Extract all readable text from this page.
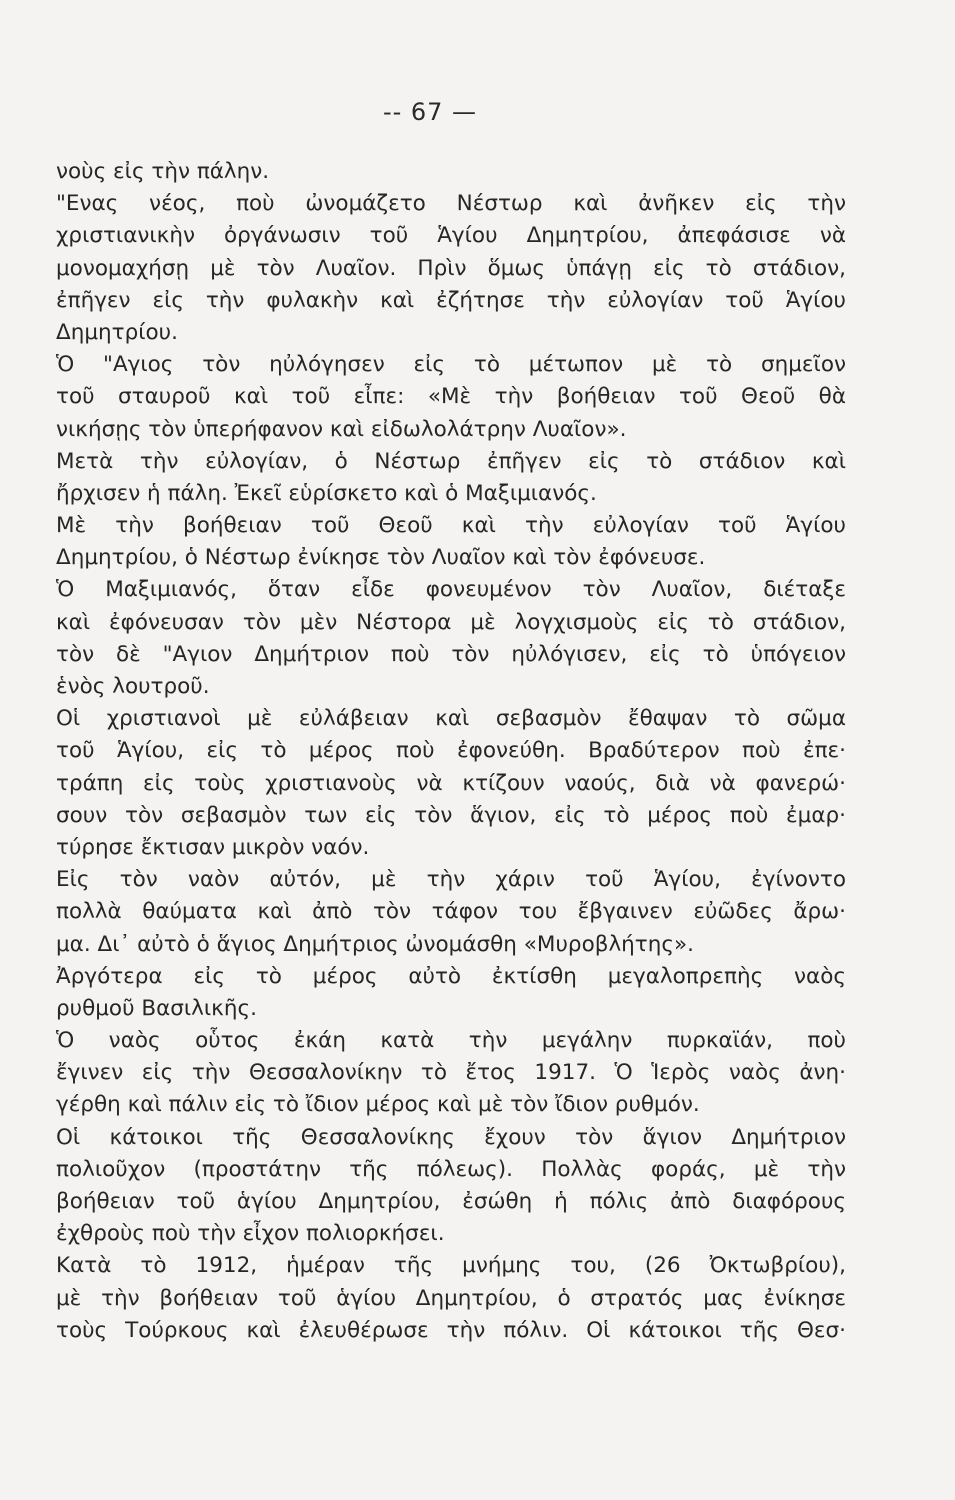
-- 67 —
νοὺς εἰς τὴν πάλην.
"Ενας νέος, ποὺ ὠνομάζετο Νέστωρ καὶ ἀνῆκεν εἰς τὴν
χριστιανικὴν ὀργάνωσιν τοῦ Ἁγίου Δημητρίου, ἀπεφάσισε νὰ
μονομαχήσῃ μὲ τὸν Λυαῖον. Πρὶν ὅμως ὑπάγῃ εἰς τὸ στάδιον,
ἐπῆγεν εἰς τὴν φυλακὴν καὶ ἐζήτησε τὴν εὐλογίαν τοῦ Ἁγίου
Δημητρίου.
Ὁ "Αγιος τὸν ηὐλόγησεν εἰς τὸ μέτωπον μὲ τὸ σημεῖον
τοῦ σταυροῦ καὶ τοῦ εἶπε: «Μὲ τὴν βοήθειαν τοῦ Θεοῦ θὰ
νικήσῃς τὸν ὑπερήφανον καὶ εἰδωλολάτρην Λυαῖον».
Μετὰ τὴν εὐλογίαν, ὁ Νέστωρ ἐπῆγεν εἰς τὸ στάδιον καὶ
ἤρχισεν ἡ πάλη. Ἐκεῖ εὑρίσκετο καὶ ὁ Μαξιμιανός.
Μὲ τὴν βοήθειαν τοῦ Θεοῦ καὶ τὴν εὐλογίαν τοῦ Ἁγίου
Δημητρίου, ὁ Νέστωρ ἐνίκησε τὸν Λυαῖον καὶ τὸν ἐφόνευσε.
Ὁ Μαξιμιανός, ὅταν εἶδε φονευμένον τὸν Λυαῖον, διέταξε
καὶ ἐφόνευσαν τὸν μὲν Νέστορα μὲ λογχισμοὺς εἰς τὸ στάδιον,
τὸν δὲ "Αγιον Δημήτριον ποὺ τὸν ηὐλόγισεν, εἰς τὸ ὑπόγειον
ἑνὸς λουτροῦ.
Οἱ χριστιανοὶ μὲ εὐλάβειαν καὶ σεβασμὸν ἔθαψαν τὸ σῶμα
τοῦ Ἁγίου, εἰς τὸ μέρος ποὺ ἐφονεύθη. Βραδύτερον ποὺ ἐπε·
τράπη εἰς τοὺς χριστιανοὺς νὰ κτίζουν ναούς, διὰ νὰ φανερώ·
σουν τὸν σεβασμὸν των εἰς τὸν ἅγιον, εἰς τὸ μέρος ποὺ ἐμαρ·
τύρησε ἔκτισαν μικρὸν ναόν.
Εἰς τὸν ναὸν αὐτόν, μὲ τὴν χάριν τοῦ Ἁγίου, ἐγίνοντο
πολλὰ θαύματα καὶ ἀπὸ τὸν τάφον του ἔβγαινεν εὐῶδες ἄρω·
μα. Δι᾽ αὐτὸ ὁ ἅγιος Δημήτριος ὠνομάσθη «Μυροβλήτης».
Ἀργότερα εἰς τὸ μέρος αὐτὸ ἐκτίσθη μεγαλοπρεπὴς ναὸς
ρυθμοῦ Βασιλικῆς.
Ὁ ναὸς οὗτος ἐκάη κατὰ τὴν μεγάλην πυρκαϊάν, ποὺ
ἔγινεν εἰς τὴν Θεσσαλονίκην τὸ ἔτος 1917. Ὁ Ἱερὸς ναὸς ἀνη·
γέρθη καὶ πάλιν εἰς τὸ ἴδιον μέρος καὶ μὲ τὸν ἴδιον ρυθμόν.
Οἱ κάτοικοι τῆς Θεσσαλονίκης ἔχουν τὸν ἅγιον Δημήτριον
πολιοῦχον (προστάτην τῆς πόλεως). Πολλὰς φοράς, μὲ τὴν
βοήθειαν τοῦ ἁγίου Δημητρίου, ἐσώθη ἡ πόλις ἀπὸ διαφόρους
ἐχθροὺς ποὺ τὴν εἶχον πολιορκήσει.
Κατὰ τὸ 1912, ἡμέραν τῆς μνήμης του, (26 Ὀκτωβρίου),
μὲ τὴν βοήθειαν τοῦ ἁγίου Δημητρίου, ὁ στρατός μας ἐνίκησε
τοὺς Τούρκους καὶ ἐλευθέρωσε τὴν πόλιν. Οἱ κάτοικοι τῆς Θεσ·
